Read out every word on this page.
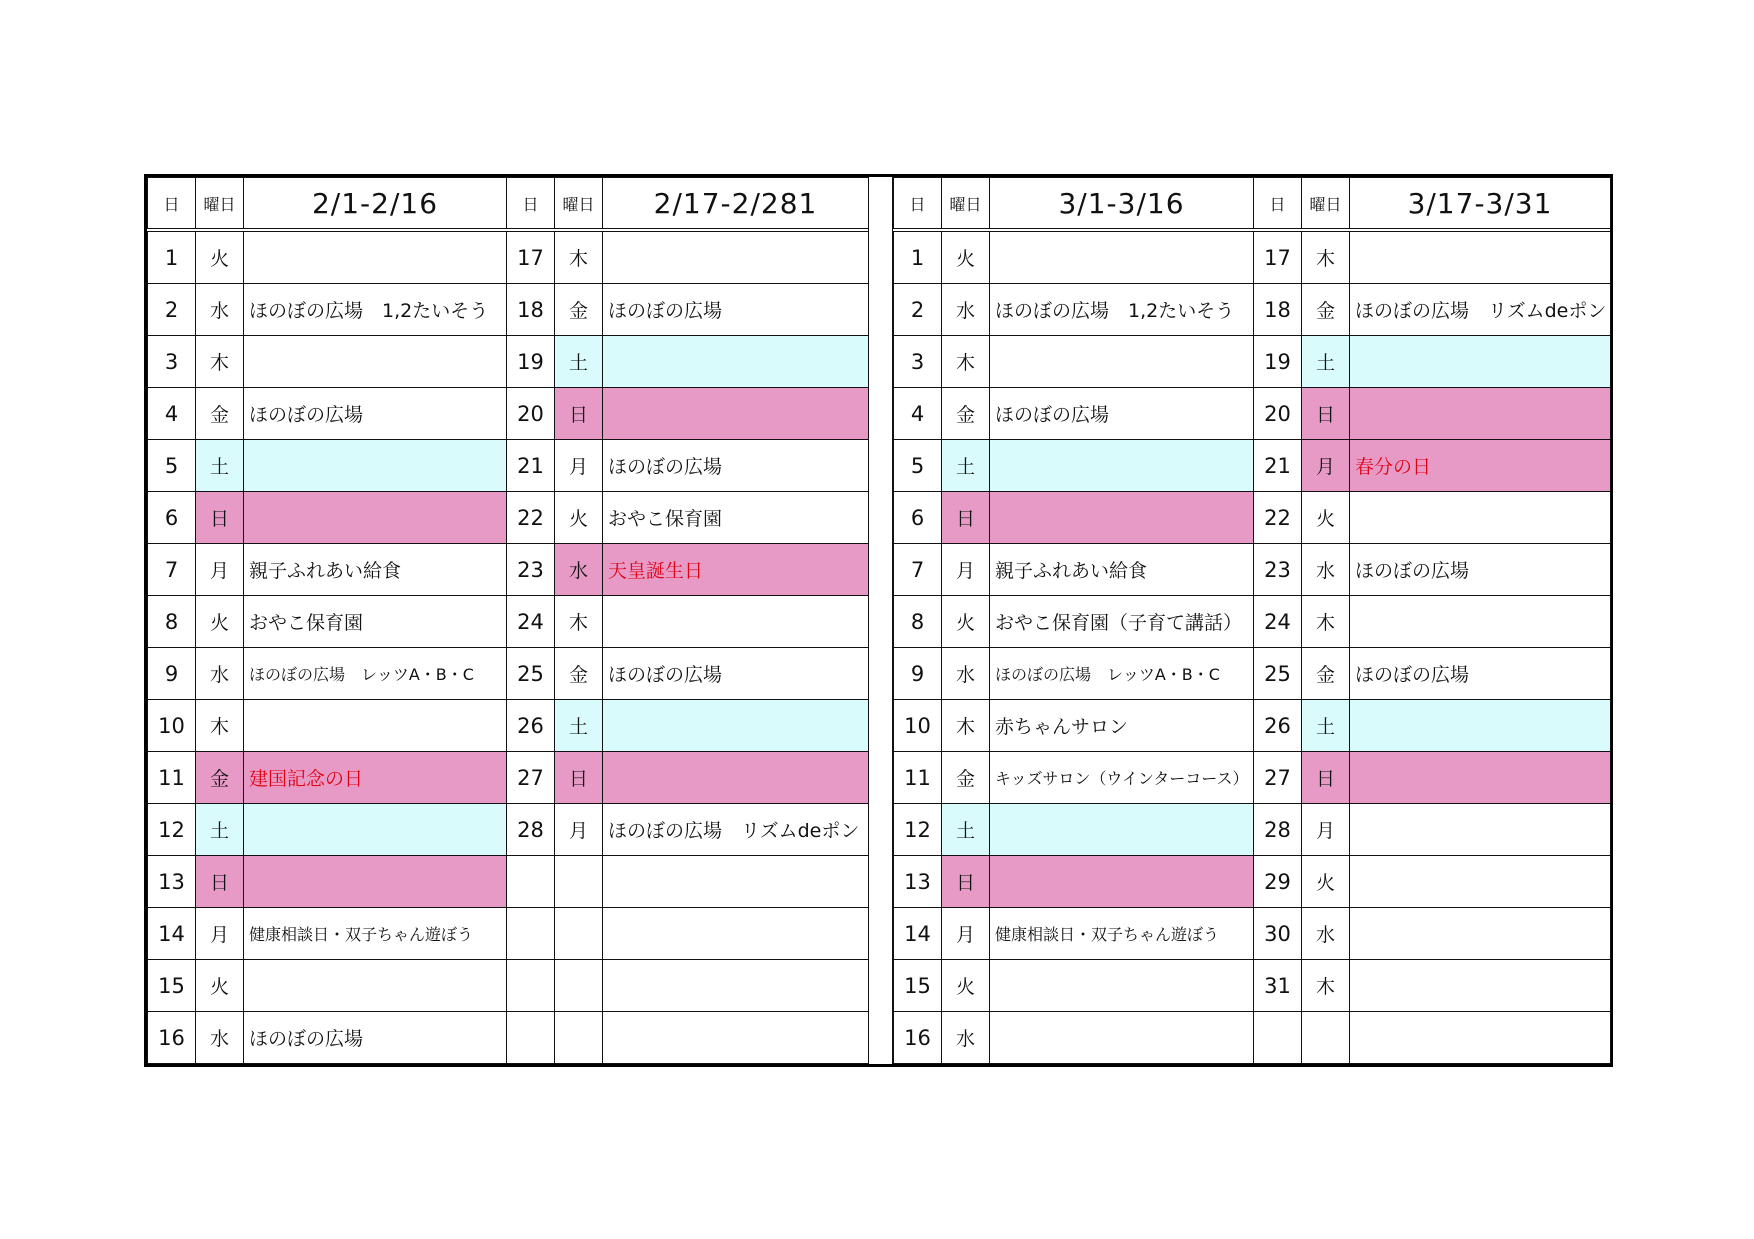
日	曜日	2/1-2/16	日	曜日	2/17-2/281
1	火		17	木	
2	水	ほのぼの広場　1,2たいそう	18	金	ほのぼの広場
3	木		19	土	
4	金	ほのぼの広場	20	日	
5	土		21	月	ほのぼの広場
6	日		22	火	おやこ保育園
7	月	親子ふれあい給食	23	水	天皇誕生日
8	火	おやこ保育園	24	木	
9	水	ほのぼの広場　レッツA・B・C	25	金	ほのぼの広場
10	木		26	土	
11	金	建国記念の日	27	日	
12	土		28	月	ほのぼの広場　リズムdeポン
13	日				
14	月	健康相談日・双子ちゃん遊ぼう			
15	火				
16	水	ほのぼの広場			
日	曜日	3/1-3/16	日	曜日	3/17-3/31
1	火		17	木	
2	水	ほのぼの広場　1,2たいそう	18	金	ほのぼの広場　リズムdeポン
3	木		19	土	
4	金	ほのぼの広場	20	日	
5	土		21	月	春分の日
6	日		22	火	
7	月	親子ふれあい給食	23	水	ほのぼの広場
8	火	おやこ保育園（子育て講話）	24	木	
9	水	ほのぼの広場　レッツA・B・C	25	金	ほのぼの広場
10	木	赤ちゃんサロン	26	土	
11	金	キッズサロン（ウインターコース）	27	日	
12	土		28	月	
13	日		29	火	
14	月	健康相談日・双子ちゃん遊ぼう	30	水	
15	火		31	木	
16	水				
